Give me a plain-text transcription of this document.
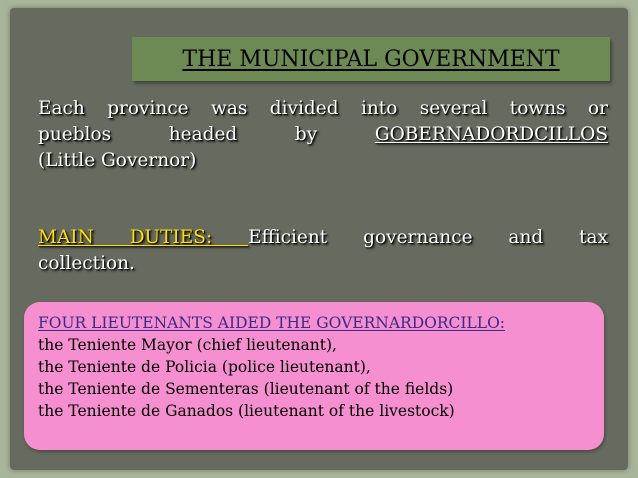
THE MUNICIPAL GOVERNMENT
Each province was divided into several towns or
pueblos headed by	GOBERNADORDCILLOS
(Little Governor)
MAIN DUTIES: Efficient governance and tax
collection.

FOUR LIEUTENANTS AIDED THE GOVERNARDORCILLO:

the Teniente Mayor (chief lieutenant),
the Teniente de Policia (police lieutenant),
the Teniente de Sementeras (lieutenant of the fields)
the Teniente de Ganados (lieutenant of the livestock)
